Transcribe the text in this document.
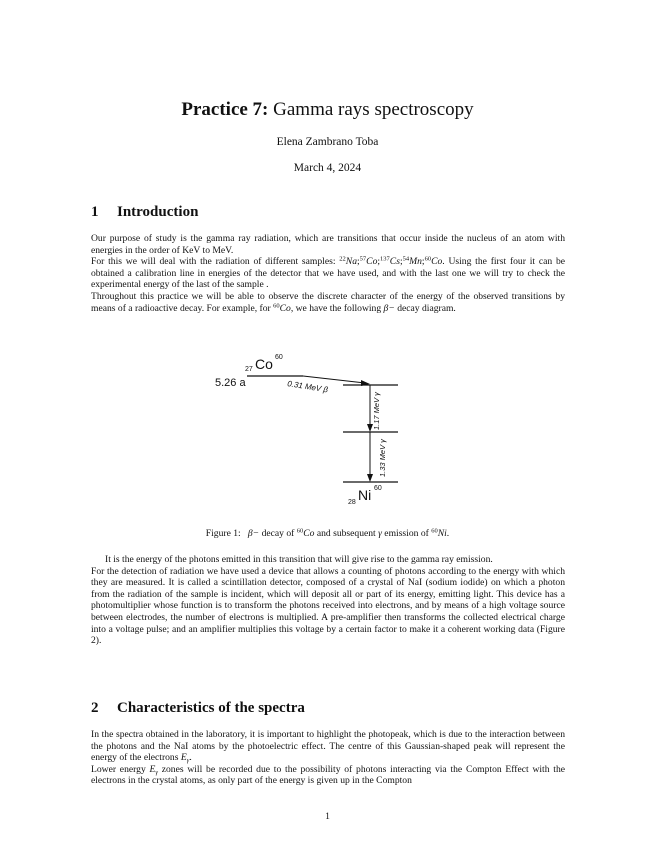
Practice 7: Gamma rays spectroscopy
Elena Zambrano Toba
March 4, 2024
1 Introduction

Our purpose of study is the gamma ray radiation, which are transitions that occur inside the nucleus of an atom with energies in the order of KeV to MeV.

For this we will deal with the radiation of different samples: $^{22}$Na;$^{57}$Co;$^{137}$Cs;$^{54}$Mn;$^{60}$Co. Using the first four it can be obtained a calibration line in energies of the detector that we have used, and with the last one we will try to check the experimental energy of the last of the sample .

Throughout this practice we will be able to observe the discrete character of the energy of the observed transitions by means of a radioactive decay. For example, for $^{60}$Co, we have the following β− decay diagram.

27 Co 60
5.26 a	0.31 MeV β
1.17 MeV γ
1.33 MeV γ
28 Ni 60
Figure 1: β− decay of $^{60}$Co and subsequent γ emission of $^{60}$Ni.

It is the energy of the photons emitted in this transition that will give rise to the gamma ray emission.

For the detection of radiation we have used a device that allows a counting of photons according to the energy with which they are measured. It is called a scintillation detector, composed of a crystal of NaI (sodium iodide) on which a photon from the radiation of the sample is incident, which will deposit all or part of its energy, emitting light. This device has a photomultiplier whose function is to transform the photons received into electrons, and by means of a high voltage source between electrodes, the number of electrons is multiplied. A pre-amplifier then transforms the collected electrical charge into a voltage pulse; and an amplifier multiplies this voltage by a certain factor to make it a coherent working data (Figure 2).

2 Characteristics of the spectra

In the spectra obtained in the laboratory, it is important to highlight the photopeak, which is due to the interaction between the photons and the NaI atoms by the photoelectric effect. The centre of this Gaussian-shaped peak will represent the energy of the electrons $E_\gamma$.

Lower energy $E_\gamma$ zones will be recorded due to the possibility of photons interacting via the Compton Effect with the electrons in the crystal atoms, as only part of the energy is given up in the Compton

1
